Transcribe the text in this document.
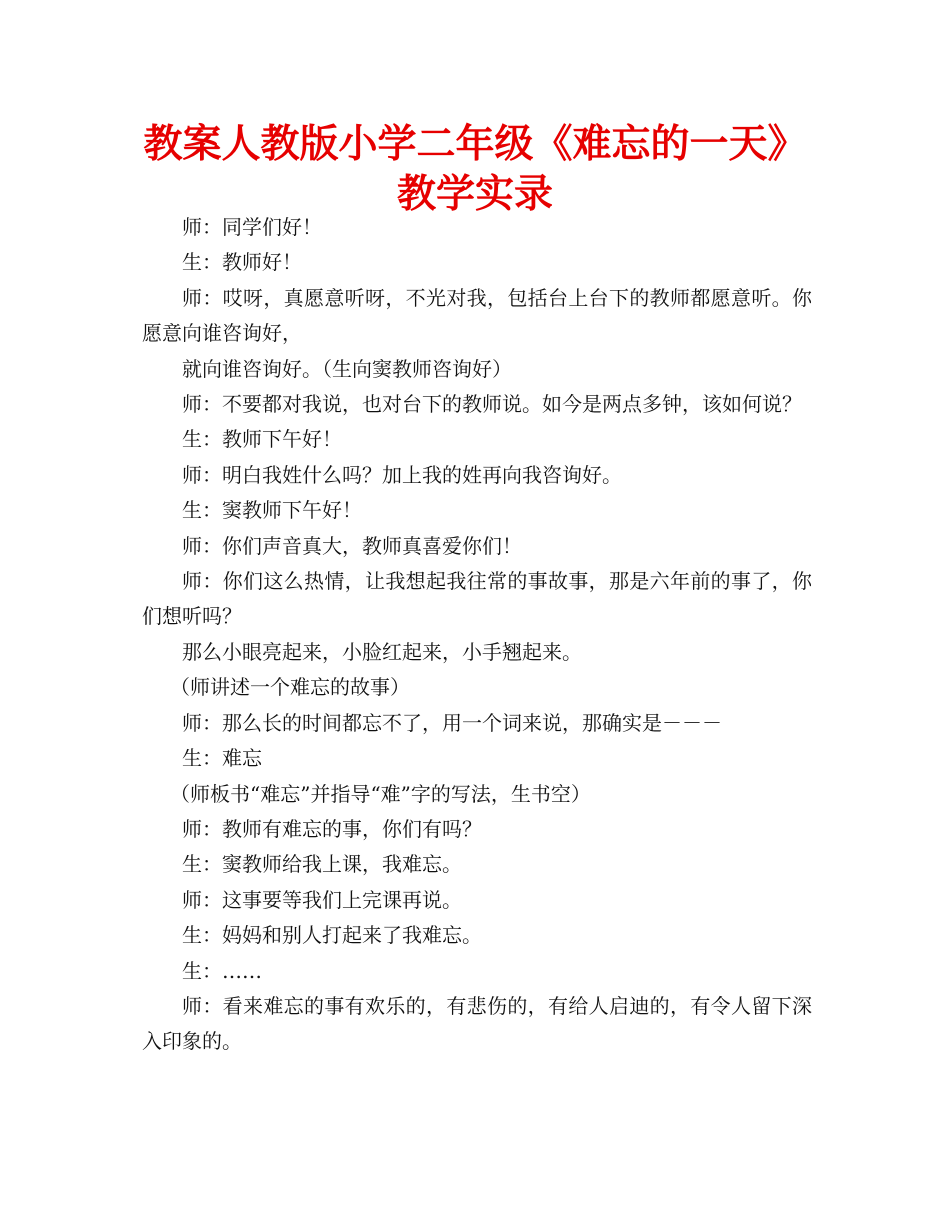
教案人教版小学二年级《难忘的一天》教学实录

师：同学们好！

生：教师好！

师：哎呀，真愿意听呀，不光对我，包括台上台下的教师都愿意听。你愿意向谁咨询好，

就向谁咨询好。（生向窦教师咨询好）

师：不要都对我说，也对台下的教师说。如今是两点多钟，该如何说？

生：教师下午好！

师：明白我姓什么吗？加上我的姓再向我咨询好。

生：窦教师下午好！

师：你们声音真大，教师真喜爱你们！

师：你们这么热情，让我想起我往常的事故事，那是六年前的事了，你们想听吗？

那么小眼亮起来，小脸红起来，小手翘起来。

（师讲述一个难忘的故事）

师：那么长的时间都忘不了，用一个词来说，那确实是－－－

生：难忘

（师板书“难忘”并指导“难”字的写法，生书空）

师：教师有难忘的事，你们有吗？

生：窦教师给我上课，我难忘。

师：这事要等我们上完课再说。

生：妈妈和别人打起来了我难忘。

生：……

师：看来难忘的事有欢乐的，有悲伤的，有给人启迪的，有令人留下深入印象的。
